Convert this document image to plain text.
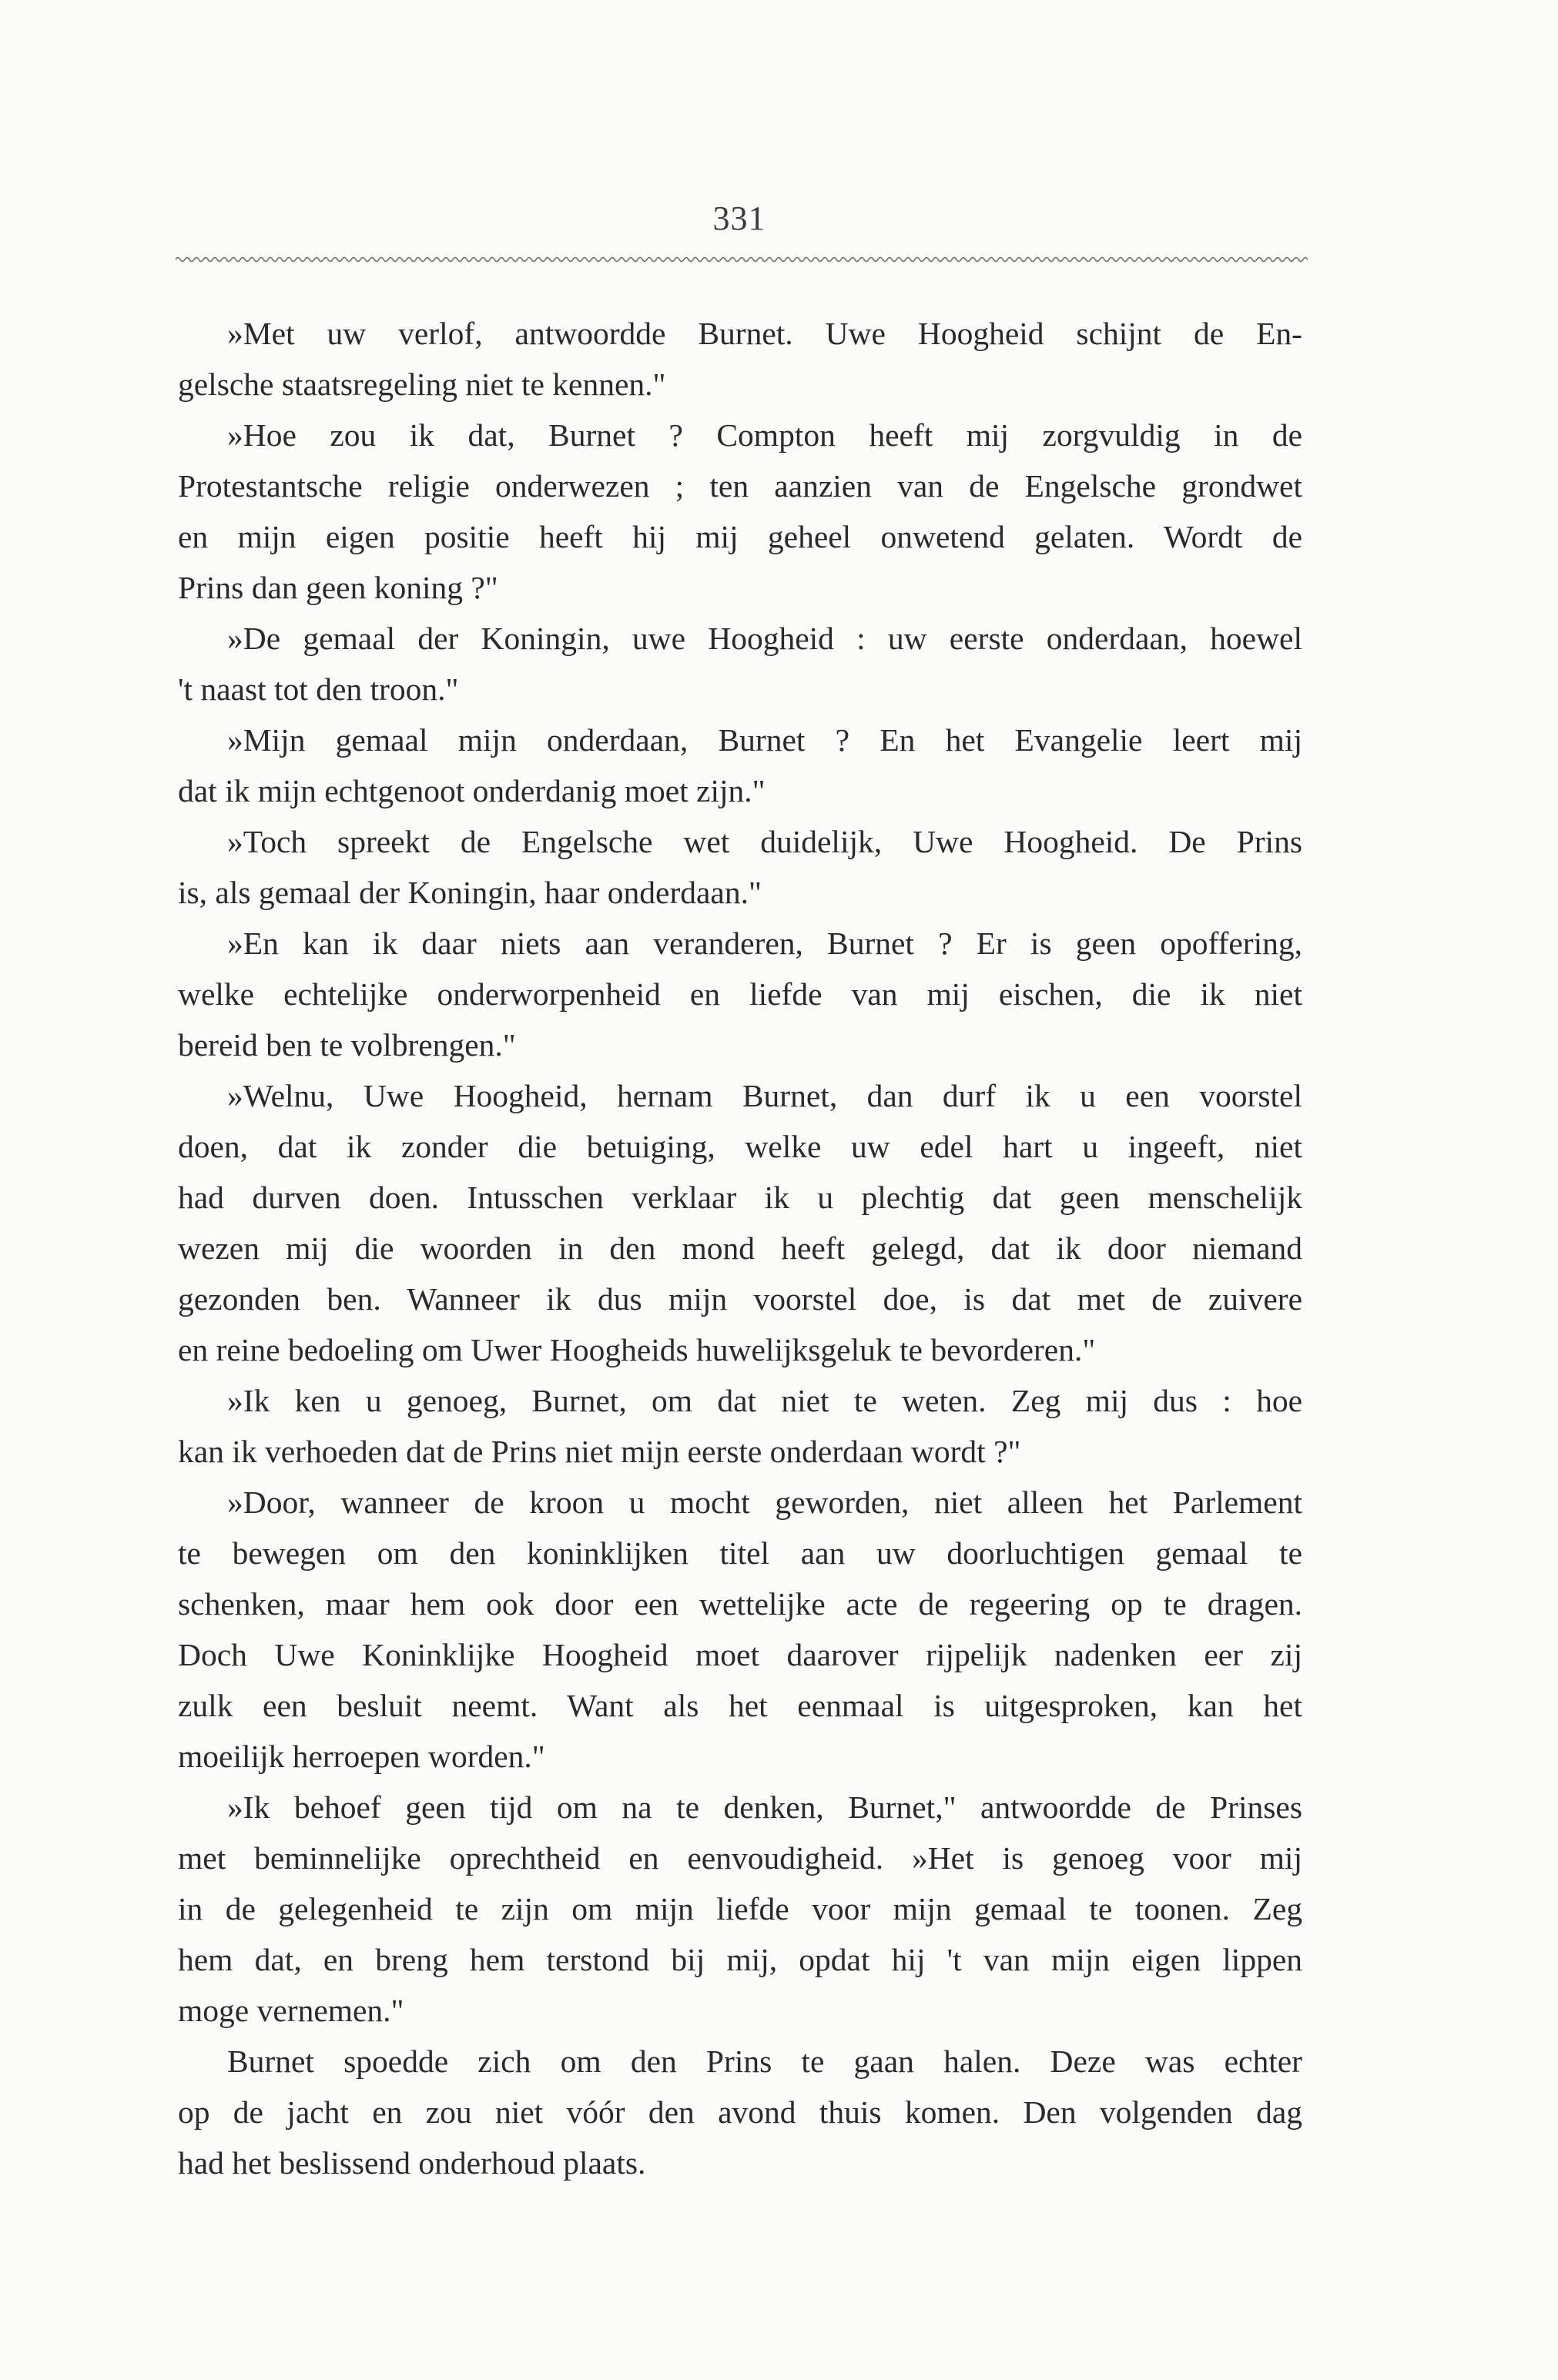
331

»Met uw verlof, antwoordde Burnet. Uwe Hoogheid schijnt de En-
gelsche staatsregeling niet te kennen."

»Hoe zou ik dat, Burnet ? Compton heeft mij zorgvuldig in de
Protestantsche religie onderwezen ; ten aanzien van de Engelsche grondwet
en mijn eigen positie heeft hij mij geheel onwetend gelaten. Wordt de
Prins dan geen koning ?"

»De gemaal der Koningin, uwe Hoogheid : uw eerste onderdaan, hoewel
't naast tot den troon."

»Mijn gemaal mijn onderdaan, Burnet ? En het Evangelie leert mij
dat ik mijn echtgenoot onderdanig moet zijn."

»Toch spreekt de Engelsche wet duidelijk, Uwe Hoogheid. De Prins
is, als gemaal der Koningin, haar onderdaan."

»En kan ik daar niets aan veranderen, Burnet ? Er is geen opoffering,
welke echtelijke onderworpenheid en liefde van mij eischen, die ik niet
bereid ben te volbrengen."

»Welnu, Uwe Hoogheid, hernam Burnet, dan durf ik u een voorstel
doen, dat ik zonder die betuiging, welke uw edel hart u ingeeft, niet
had durven doen. Intusschen verklaar ik u plechtig dat geen menschelijk
wezen mij die woorden in den mond heeft gelegd, dat ik door niemand
gezonden ben. Wanneer ik dus mijn voorstel doe, is dat met de zuivere
en reine bedoeling om Uwer Hoogheids huwelijksgeluk te bevorderen."

»Ik ken u genoeg, Burnet, om dat niet te weten. Zeg mij dus : hoe
kan ik verhoeden dat de Prins niet mijn eerste onderdaan wordt ?"

»Door, wanneer de kroon u mocht geworden, niet alleen het Parlement
te bewegen om den koninklijken titel aan uw doorluchtigen gemaal te
schenken, maar hem ook door een wettelijke acte de regeering op te dragen.
Doch Uwe Koninklijke Hoogheid moet daarover rijpelijk nadenken eer zij
zulk een besluit neemt. Want als het eenmaal is uitgesproken, kan het
moeilijk herroepen worden."

»Ik behoef geen tijd om na te denken, Burnet," antwoordde de Prinses
met beminnelijke oprechtheid en eenvoudigheid. »Het is genoeg voor mij
in de gelegenheid te zijn om mijn liefde voor mijn gemaal te toonen. Zeg
hem dat, en breng hem terstond bij mij, opdat hij 't van mijn eigen lippen
moge vernemen."

Burnet spoedde zich om den Prins te gaan halen. Deze was echter
op de jacht en zou niet vóór den avond thuis komen. Den volgenden dag
had het beslissend onderhoud plaats.
